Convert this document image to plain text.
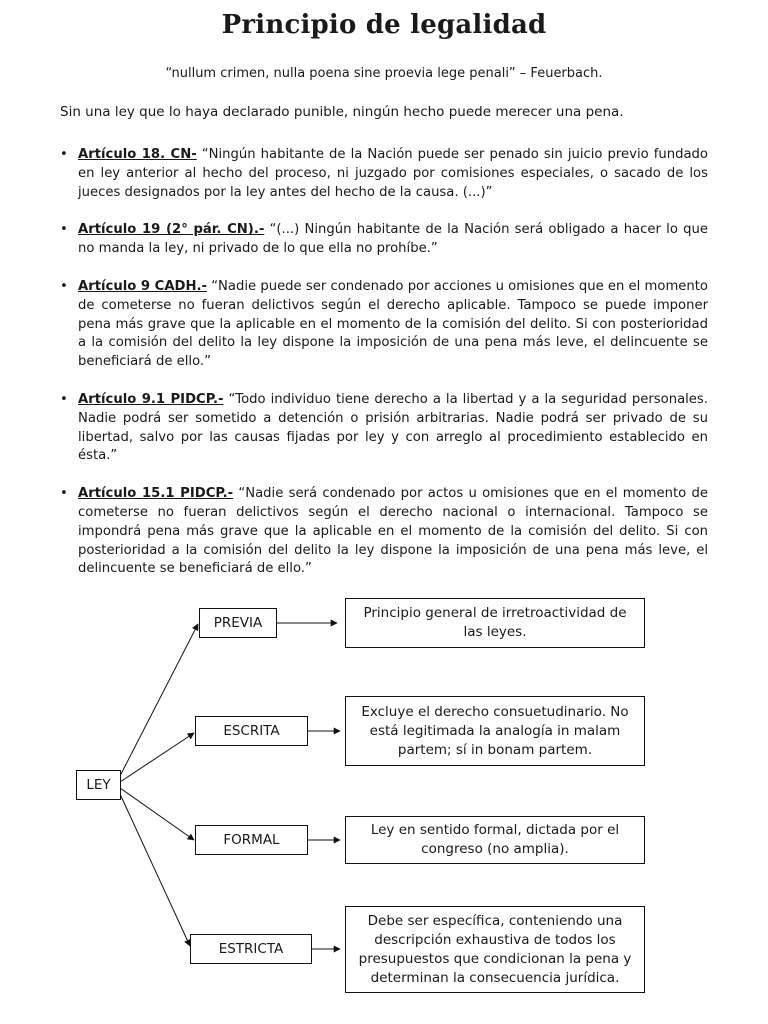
Principio de legalidad
“nullum crimen, nulla poena sine proevia lege penali” – Feuerbach.
Sin una ley que lo haya declarado punible, ningún hecho puede merecer una pena.
• Artículo 18. CN- “Ningún habitante de la Nación puede ser penado sin juicio previo fundado en ley anterior al hecho del proceso, ni juzgado por comisiones especiales, o sacado de los jueces designados por la ley antes del hecho de la causa. (...)”
• Artículo 19 (2° pár. CN).- “(...) Ningún habitante de la Nación será obligado a hacer lo que no manda la ley, ni privado de lo que ella no prohíbe.”
• Artículo 9 CADH.- “Nadie puede ser condenado por acciones u omisiones que en el momento de cometerse no fueran delictivos según el derecho aplicable. Tampoco se puede imponer pena más grave que la aplicable en el momento de la comisión del delito. Si con posterioridad a la comisión del delito la ley dispone la imposición de una pena más leve, el delincuente se beneficiará de ello.”
• Artículo 9.1 PIDCP.- “Todo individuo tiene derecho a la libertad y a la seguridad personales. Nadie podrá ser sometido a detención o prisión arbitrarias. Nadie podrá ser privado de su libertad, salvo por las causas fijadas por ley y con arreglo al procedimiento establecido en ésta.”
• Artículo 15.1 PIDCP.- “Nadie será condenado por actos u omisiones que en el momento de cometerse no fueran delictivos según el derecho nacional o internacional. Tampoco se impondrá pena más grave que la aplicable en el momento de la comisión del delito. Si con posterioridad a la comisión del delito la ley dispone la imposición de una pena más leve, el delincuente se beneficiará de ello.”
LEY
PREVIA
ESCRITA
FORMAL
ESTRICTA
Principio general de irretroactividad de las leyes.
Excluye el derecho consuetudinario. No está legitimada la analogía in malam partem; sí in bonam partem.
Ley en sentido formal, dictada por el congreso (no amplia).
Debe ser específica, conteniendo una descripción exhaustiva de todos los presupuestos que condicionan la pena y determinan la consecuencia jurídica.
